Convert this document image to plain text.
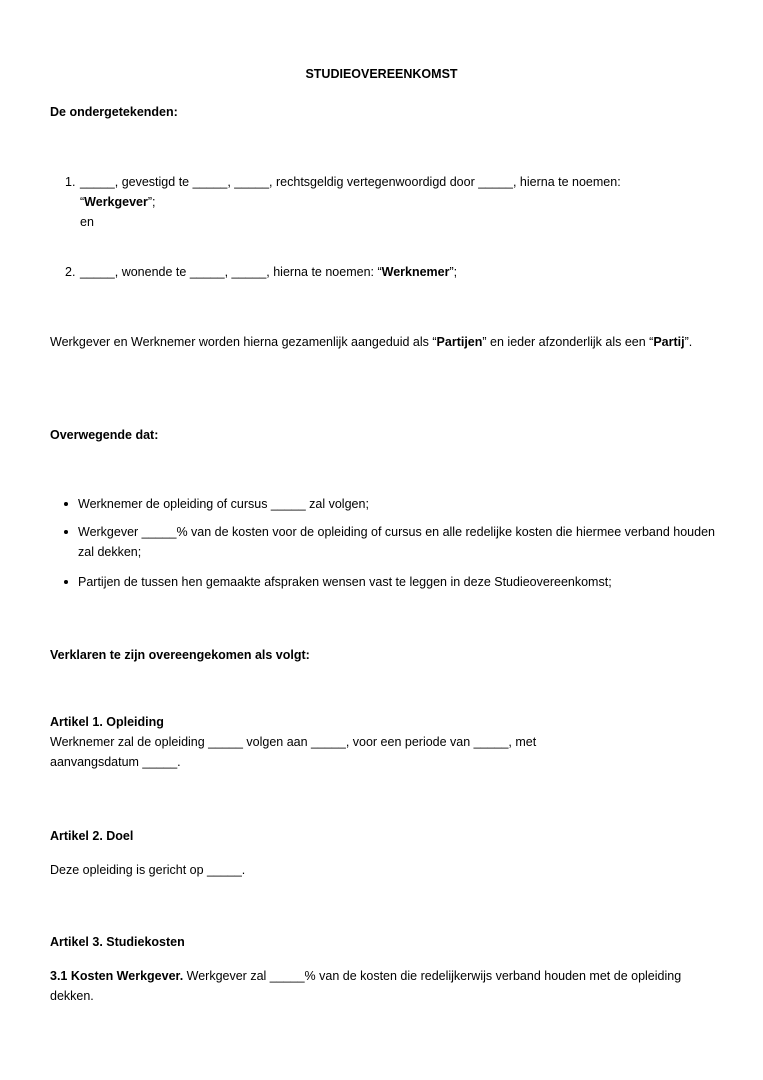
STUDIEOVEREENKOMST
De ondergetekenden:
1. _____, gevestigd te _____, _____, rechtsgeldig vertegenwoordigd door _____, hierna te noemen:
“Werkgever”;
en
2. _____, wonende te _____, _____, hierna te noemen: “Werknemer”;
Werkgever en Werknemer worden hierna gezamenlijk aangeduid als “Partijen” en ieder afzonderlijk als een “Partij”.
Overwegende dat:
Werknemer de opleiding of cursus _____ zal volgen;
Werkgever _____% van de kosten voor de opleiding of cursus en alle redelijke kosten die hiermee verband houden zal dekken;
Partijen de tussen hen gemaakte afspraken wensen vast te leggen in deze Studieovereenkomst;
Verklaren te zijn overeengekomen als volgt:
Artikel 1. Opleiding
Werknemer zal de opleiding _____ volgen aan _____, voor een periode van _____, met aanvangsdatum _____.
Artikel 2. Doel
Deze opleiding is gericht op _____.
Artikel 3. Studiekosten
3.1 Kosten Werkgever. Werkgever zal _____% van de kosten die redelijkerwijs verband houden met de opleiding dekken.
